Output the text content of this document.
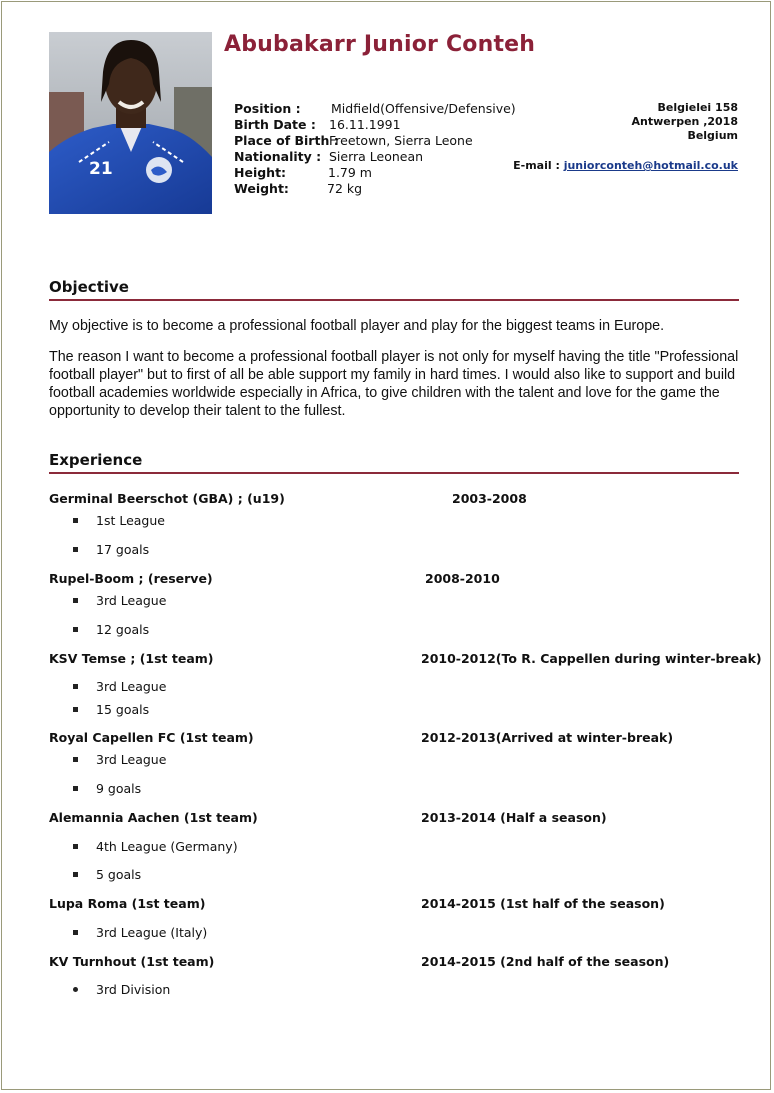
21
Abubakarr Junior Conteh
Position : Midfield(Offensive/Defensive)
Birth Date : 16.11.1991
Place of Birth :
Freetown, Sierra Leone
Nationality : Sierra Leonean
Height:	1.79 m
Weight:	72 kg
Belgielei 158
Antwerpen ,2018
Belgium
E-mail : juniorconteh@hotmail.co.uk
Objective
My objective is to become a professional football player and play for the biggest teams in Europe.
The reason I want to become a professional football player is not only for myself having the title "Professional football player" but to first of all be able support my family in hard times. I would also like to support and build football academies worldwide especially in Africa, to give children with the talent and love for the game the opportunity to develop their talent to the fullest.
Experience
Germinal Beerschot (GBA) ; (u19)	2003-2008
1st League
17 goals
Rupel-Boom ; (reserve)	2008-2010
3rd League
12 goals
KSV Temse ; (1st team)	2010-2012(To R. Cappellen during winter-break)
3rd League
15 goals
Royal Capellen FC (1st team)	2012-2013(Arrived at winter-break)
3rd League
9 goals
Alemannia Aachen (1st team)	2013-2014 (Half a season)
4th League (Germany)
5 goals
Lupa Roma (1st team)	2014-2015 (1st half of the season)
3rd League (Italy)
KV Turnhout (1st team)	2014-2015 (2nd half of the season)
3rd Division
